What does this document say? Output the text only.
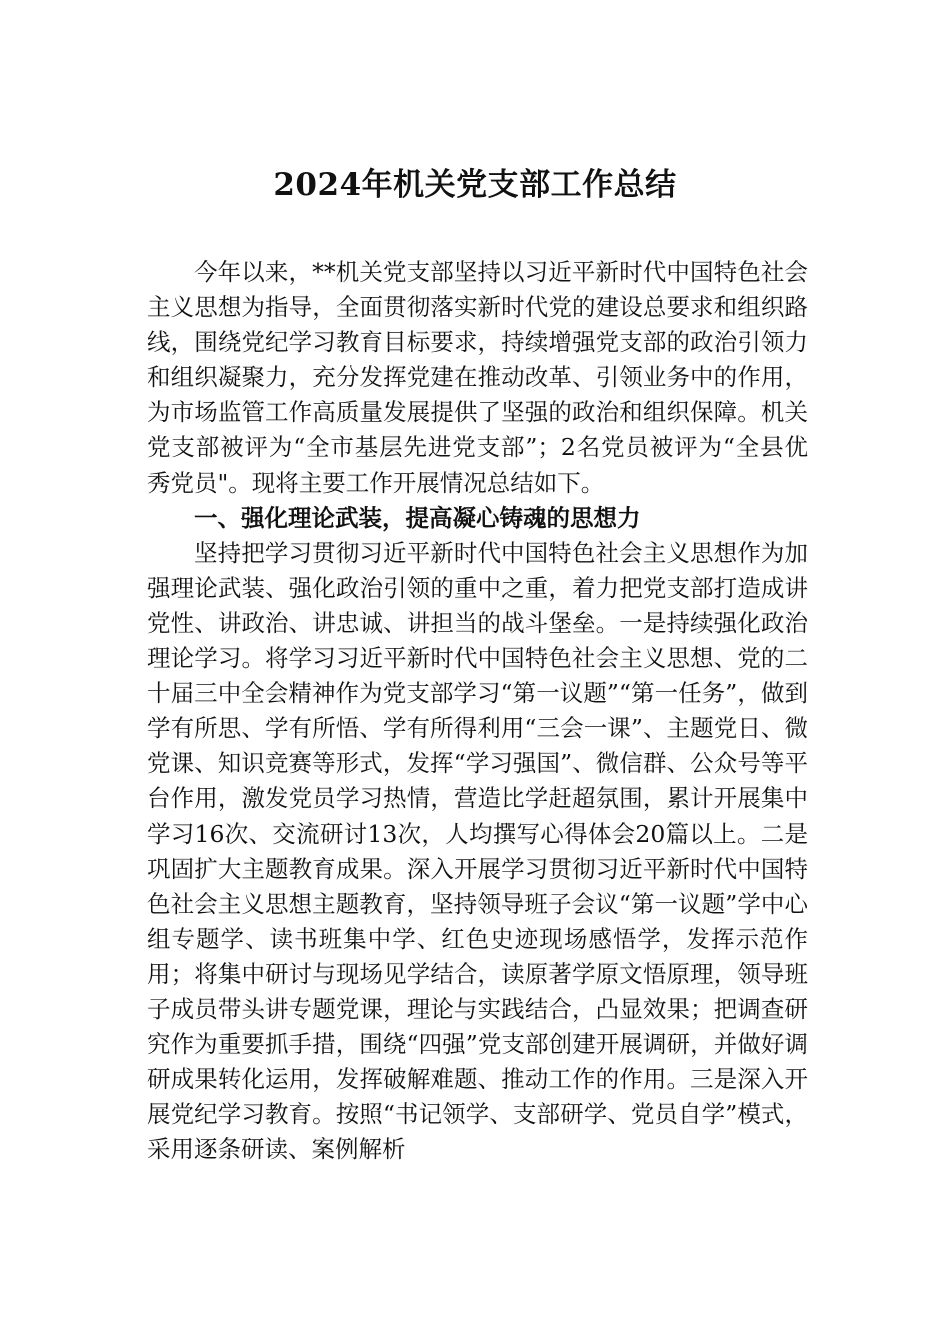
2024年机关党支部工作总结

今年以来，**机关党支部坚持以习近平新时代中国特色社会主义思想为指导，全面贯彻落实新时代党的建设总要求和组织路线，围绕党纪学习教育目标要求，持续增强党支部的政治引领力和组织凝聚力，充分发挥党建在推动改革、引领业务中的作用，为市场监管工作高质量发展提供了坚强的政治和组织保障。机关党支部被评为“全市基层先进党支部”；2名党员被评为“全县优秀党员"。现将主要工作开展情况总结如下。

一、强化理论武装，提高凝心铸魂的思想力

坚持把学习贯彻习近平新时代中国特色社会主义思想作为加强理论武装、强化政治引领的重中之重，着力把党支部打造成讲党性、讲政治、讲忠诚、讲担当的战斗堡垒。一是持续强化政治理论学习。将学习习近平新时代中国特色社会主义思想、党的二十届三中全会精神作为党支部学习“第一议题”“第一任务”，做到学有所思、学有所悟、学有所得利用“三会一课”、主题党日、微党课、知识竞赛等形式，发挥“学习强国”、微信群、公众号等平台作用，激发党员学习热情，营造比学赶超氛围，累计开展集中学习16次、交流研讨13次，人均撰写心得体会20篇以上。二是巩固扩大主题教育成果。深入开展学习贯彻习近平新时代中国特色社会主义思想主题教育，坚持领导班子会议“第一议题”学中心组专题学、读书班集中学、红色史迹现场感悟学，发挥示范作用；将集中研讨与现场见学结合，读原著学原文悟原理，领导班子成员带头讲专题党课，理论与实践结合，凸显效果；把调查研究作为重要抓手措，围绕“四强”党支部创建开展调研，并做好调研成果转化运用，发挥破解难题、推动工作的作用。三是深入开展党纪学习教育。按照“书记领学、支部研学、党员自学”模式，采用逐条研读、案例解析
